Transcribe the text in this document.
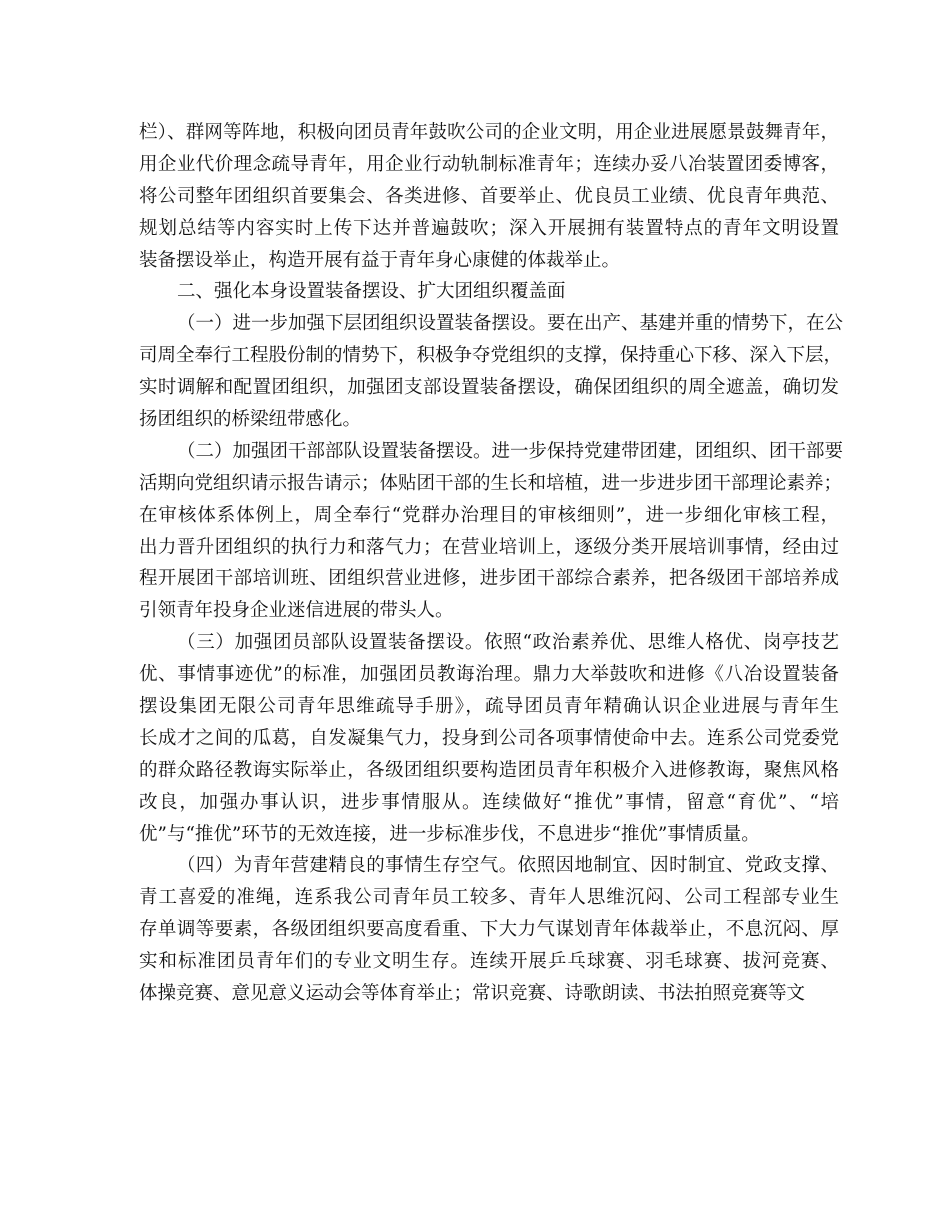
栏）、群网等阵地，积极向团员青年鼓吹公司的企业文明，用企业进展愿景鼓舞青年，
用企业代价理念疏导青年，用企业行动轨制标准青年；连续办妥八冶装置团委博客，
将公司整年团组织首要集会、各类进修、首要举止、优良员工业绩、优良青年典范、
规划总结等内容实时上传下达并普遍鼓吹；深入开展拥有装置特点的青年文明设置
装备摆设举止，构造开展有益于青年身心康健的体裁举止。
二、强化本身设置装备摆设、扩大团组织覆盖面
（一）进一步加强下层团组织设置装备摆设。要在出产、基建并重的情势下，在公
司周全奉行工程股份制的情势下，积极争夺党组织的支撑，保持重心下移、深入下层，
实时调解和配置团组织，加强团支部设置装备摆设，确保团组织的周全遮盖，确切发
扬团组织的桥梁纽带感化。
（二）加强团干部部队设置装备摆设。进一步保持党建带团建，团组织、团干部要
活期向党组织请示报告请示；体贴团干部的生长和培植，进一步进步团干部理论素养；
在审核体系体例上，周全奉行“党群办治理目的审核细则”，进一步细化审核工程，
出力晋升团组织的执行力和落气力；在营业培训上，逐级分类开展培训事情，经由过
程开展团干部培训班、团组织营业进修，进步团干部综合素养，把各级团干部培养成
引领青年投身企业迷信进展的带头人。
（三）加强团员部队设置装备摆设。依照“政治素养优、思维人格优、岗亭技艺
优、事情事迹优”的标准，加强团员教诲治理。鼎力大举鼓吹和进修《八冶设置装备
摆设集团无限公司青年思维疏导手册》，疏导团员青年精确认识企业进展与青年生
长成才之间的瓜葛，自发凝集气力，投身到公司各项事情使命中去。连系公司党委党
的群众路径教诲实际举止，各级团组织要构造团员青年积极介入进修教诲，聚焦风格
改良，加强办事认识，进步事情服从。连续做好“推优”事情，留意“育优”、“培
优”与“推优”环节的无效连接，进一步标准步伐，不息进步“推优”事情质量。
（四）为青年营建精良的事情生存空气。依照因地制宜、因时制宜、党政支撑、
青工喜爱的准绳，连系我公司青年员工较多、青年人思维沉闷、公司工程部专业生
存单调等要素，各级团组织要高度看重、下大力气谋划青年体裁举止，不息沉闷、厚
实和标准团员青年们的专业文明生存。连续开展乒乓球赛、羽毛球赛、拔河竞赛、
体操竞赛、意见意义运动会等体育举止；常识竞赛、诗歌朗读、书法拍照竞赛等文
